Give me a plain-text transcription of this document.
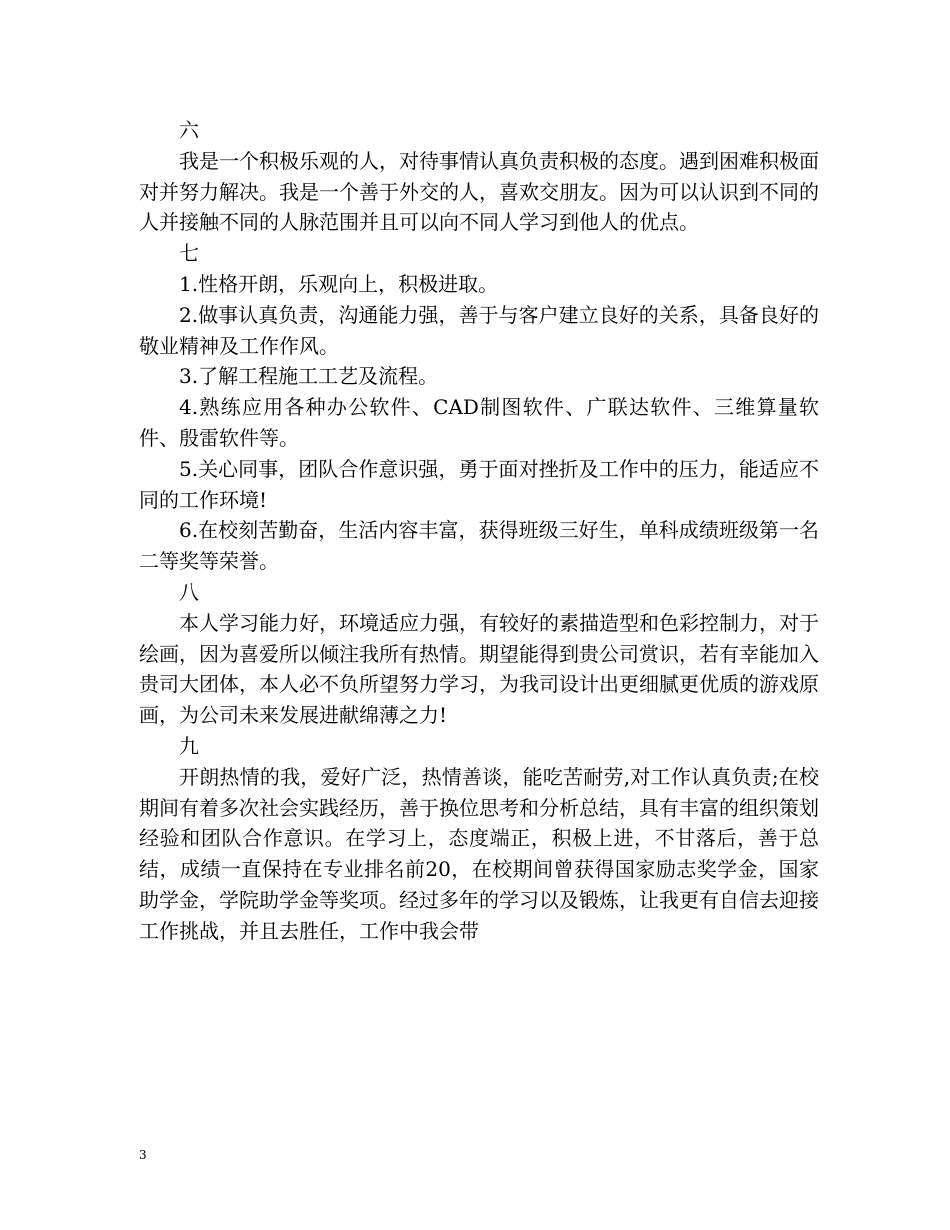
六

我是一个积极乐观的人，对待事情认真负责积极的态度。遇到困难积极面对并努力解决。我是一个善于外交的人，喜欢交朋友。因为可以认识到不同的人并接触不同的人脉范围并且可以向不同人学习到他人的优点。

七

1.性格开朗，乐观向上，积极进取。

2.做事认真负责，沟通能力强，善于与客户建立良好的关系，具备良好的敬业精神及工作作风。

3.了解工程施工工艺及流程。

4.熟练应用各种办公软件、CAD制图软件、广联达软件、三维算量软件、殷雷软件等。

5.关心同事，团队合作意识强，勇于面对挫折及工作中的压力，能适应不同的工作环境!

6.在校刻苦勤奋，生活内容丰富，获得班级三好生，单科成绩班级第一名二等奖等荣誉。

八

本人学习能力好，环境适应力强，有较好的素描造型和色彩控制力，对于绘画，因为喜爱所以倾注我所有热情。期望能得到贵公司赏识，若有幸能加入贵司大团体，本人必不负所望努力学习，为我司设计出更细腻更优质的游戏原画，为公司未来发展进献绵薄之力!

九

开朗热情的我，爱好广泛，热情善谈，能吃苦耐劳,对工作认真负责;在校期间有着多次社会实践经历，善于换位思考和分析总结，具有丰富的组织策划经验和团队合作意识。在学习上，态度端正，积极上进，不甘落后，善于总结，成绩一直保持在专业排名前20，在校期间曾获得国家励志奖学金，国家助学金，学院助学金等奖项。经过多年的学习以及锻炼，让我更有自信去迎接工作挑战，并且去胜任，工作中我会带

3
